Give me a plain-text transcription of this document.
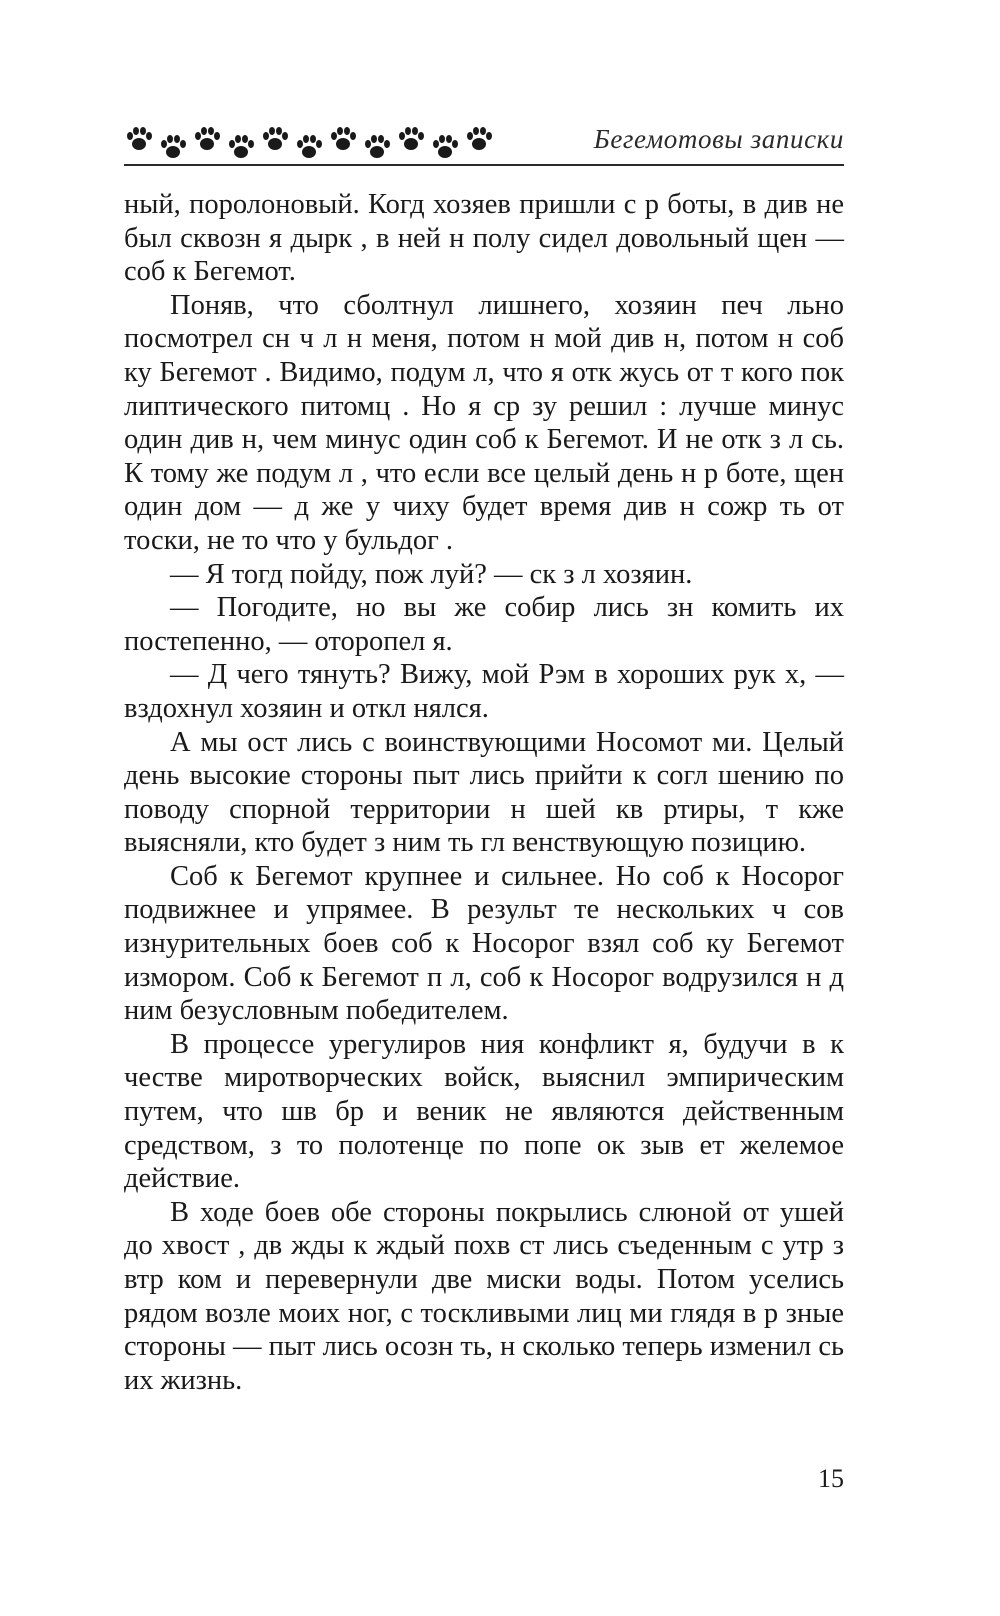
Бегемотовы записки

ный, поролоновый. Когд хозяев пришли с р боты, в див не был сквозн я дырк , в ней н полу сидел довольный щен — соб к Бегемот.

Поняв, что сболтнул лишнего, хозяин печ льно посмотрел сн ч л н меня, потом н мой див н, потом н соб ку Бегемот . Видимо, подум л, что я отк жусь от т кого пок липтического питомц . Но я ср зу решил : лучше минус один див н, чем минус один соб к Бегемот. И не отк з л сь. К тому же подум л , что если все целый день н р боте, щен один дом — д же у чиху будет время див н сожр ть от тоски, не то что у бульдог .

— Я тогд пойду, пож луй? — ск з л хозяин.

— Погодите, но вы же собир лись зн комить их постепенно, — оторопел я.

— Д чего тянуть? Вижу, мой Рэм в хороших рук х, — вздохнул хозяин и откл нялся.

А мы ост лись с воинствующими Носомот ми. Целый день высокие стороны пыт лись прийти к согл шению по поводу спорной территории н шей кв ртиры, т кже выясняли, кто будет з ним ть гл венствующую позицию.

Соб к Бегемот крупнее и сильнее. Но соб к Носорог подвижнее и упрямее. В результ те нескольких ч сов изнурительных боев соб к Носорог взял соб ку Бегемот измором. Соб к Бегемот п л, соб к Носорог водрузился н д ним безусловным победителем.

В процессе урегулиров ния конфликт я, будучи в к честве миротворческих войск, выяснил эмпирическим путем, что шв бр и веник не являются действенным средством, з то полотенце по попе ок зыв ет желемое действие.

В ходе боев обе стороны покрылись слюной от ушей до хвост , дв жды к ждый похв ст лись съеденным с утр з втр ком и перевернули две миски воды. Потом уселись рядом возле моих ног, с тоскливыми лиц ми глядя в р зные стороны — пыт лись осозн ть, н сколько теперь изменил сь их жизнь.

15
